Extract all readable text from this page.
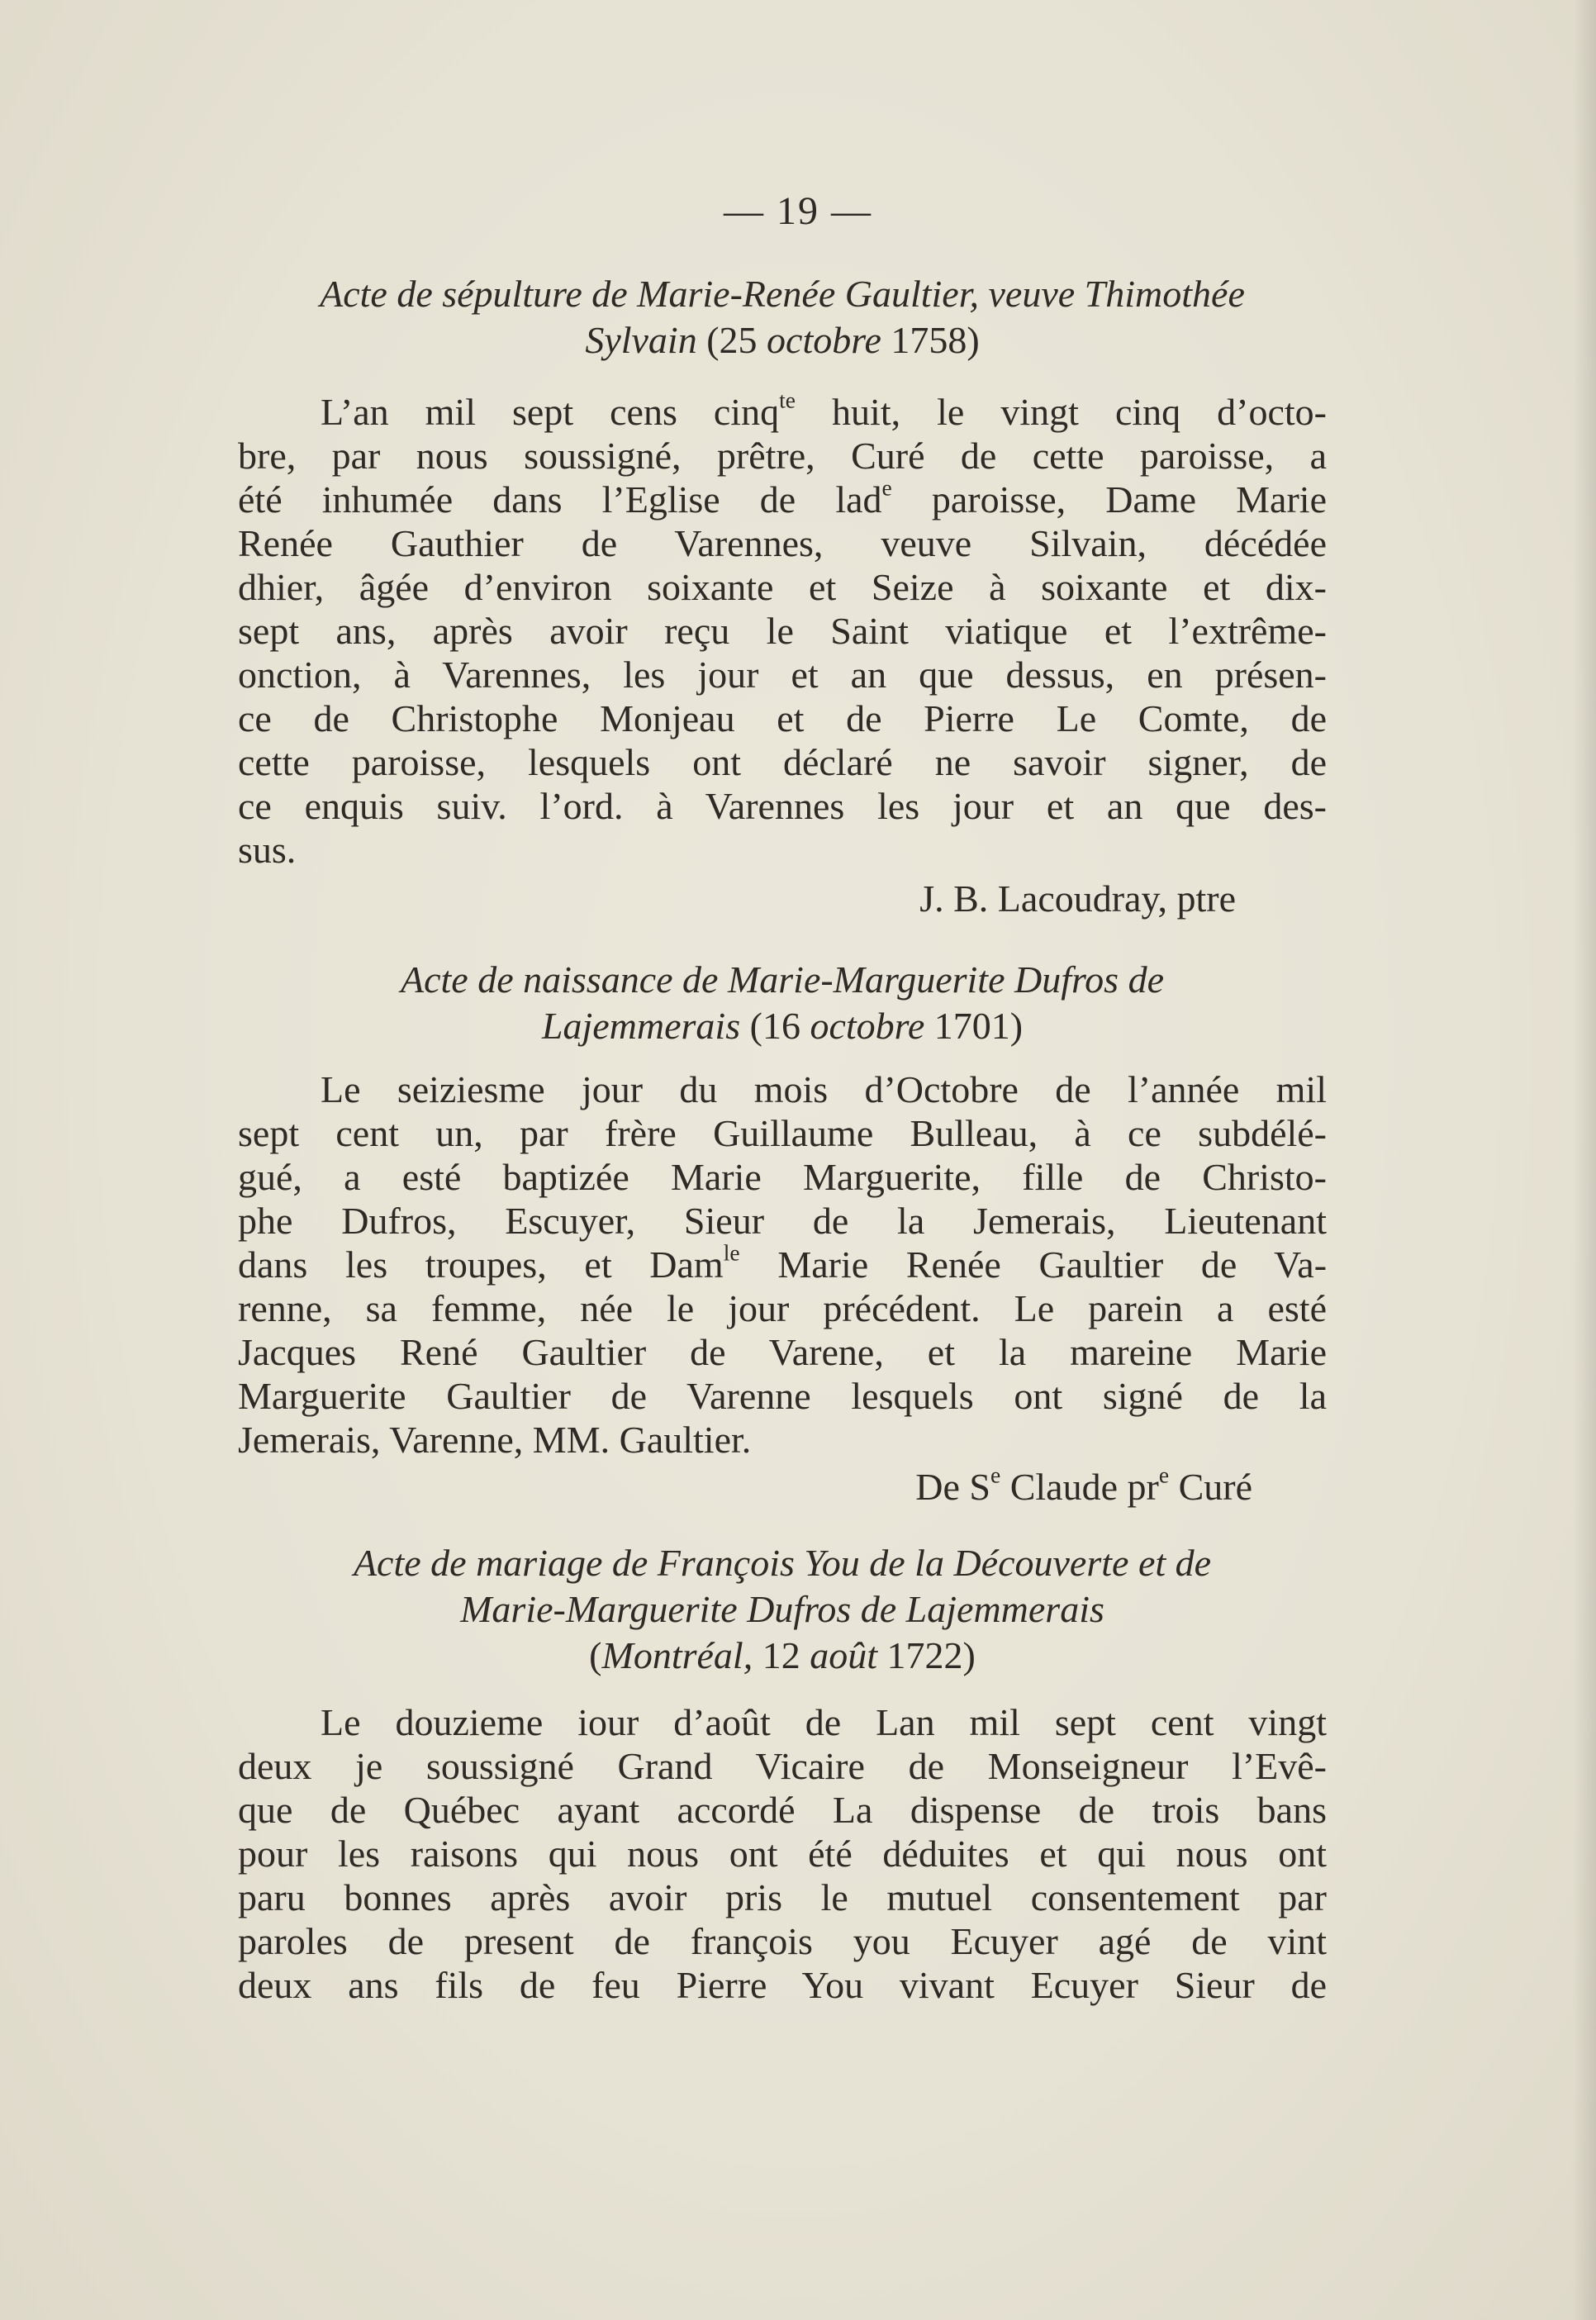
— 19 —
Acte de sépulture de Marie-Renée Gaultier, veuve Thimothée
Sylvain (25 octobre 1758)
L’an mil sept cens cinq$^{te}$ huit, le vingt cinq d’octo-
bre, par nous soussigné, prêtre, Curé de cette paroisse, a
été inhumée dans l’Eglise de lad$^e$ paroisse, Dame Marie
Renée Gauthier de Varennes, veuve Silvain, décédée
dhier, âgée d’environ soixante et Seize à soixante et dix-
sept ans, après avoir reçu le Saint viatique et l’extrême-
onction, à Varennes, les jour et an que dessus, en présen-
ce de Christophe Monjeau et de Pierre Le Comte, de
cette paroisse, lesquels ont déclaré ne savoir signer, de
ce enquis suiv. l’ord. à Varennes les jour et an que des-
sus.
J. B. Lacoudray, ptre
Acte de naissance de Marie-Marguerite Dufros de
Lajemmerais (16 octobre 1701)
Le seiziesme jour du mois d’Octobre de l’année mil
sept cent un, par frère Guillaume Bulleau, à ce subdélé-
gué, a esté baptizée Marie Marguerite, fille de Christo-
phe Dufros, Escuyer, Sieur de la Jemerais, Lieutenant
dans les troupes, et Dam$^{le}$ Marie Renée Gaultier de Va-
renne, sa femme, née le jour précédent. Le parein a esté
Jacques René Gaultier de Varene, et la mareine Marie
Marguerite Gaultier de Varenne lesquels ont signé de la
Jemerais, Varenne, MM. Gaultier.
De $S^e$ Claude $pr^e$ Curé
Acte de mariage de François You de la Découverte et de
Marie-Marguerite Dufros de Lajemmerais
(Montréal, 12 août 1722)
Le douzieme iour d’août de Lan mil sept cent vingt
deux je soussigné Grand Vicaire de Monseigneur l’Evê-
que de Québec ayant accordé La dispense de trois bans
pour les raisons qui nous ont été déduites et qui nous ont
paru bonnes après avoir pris le mutuel consentement par
paroles de present de françois you Ecuyer agé de vint
deux ans fils de feu Pierre You vivant Ecuyer Sieur de
